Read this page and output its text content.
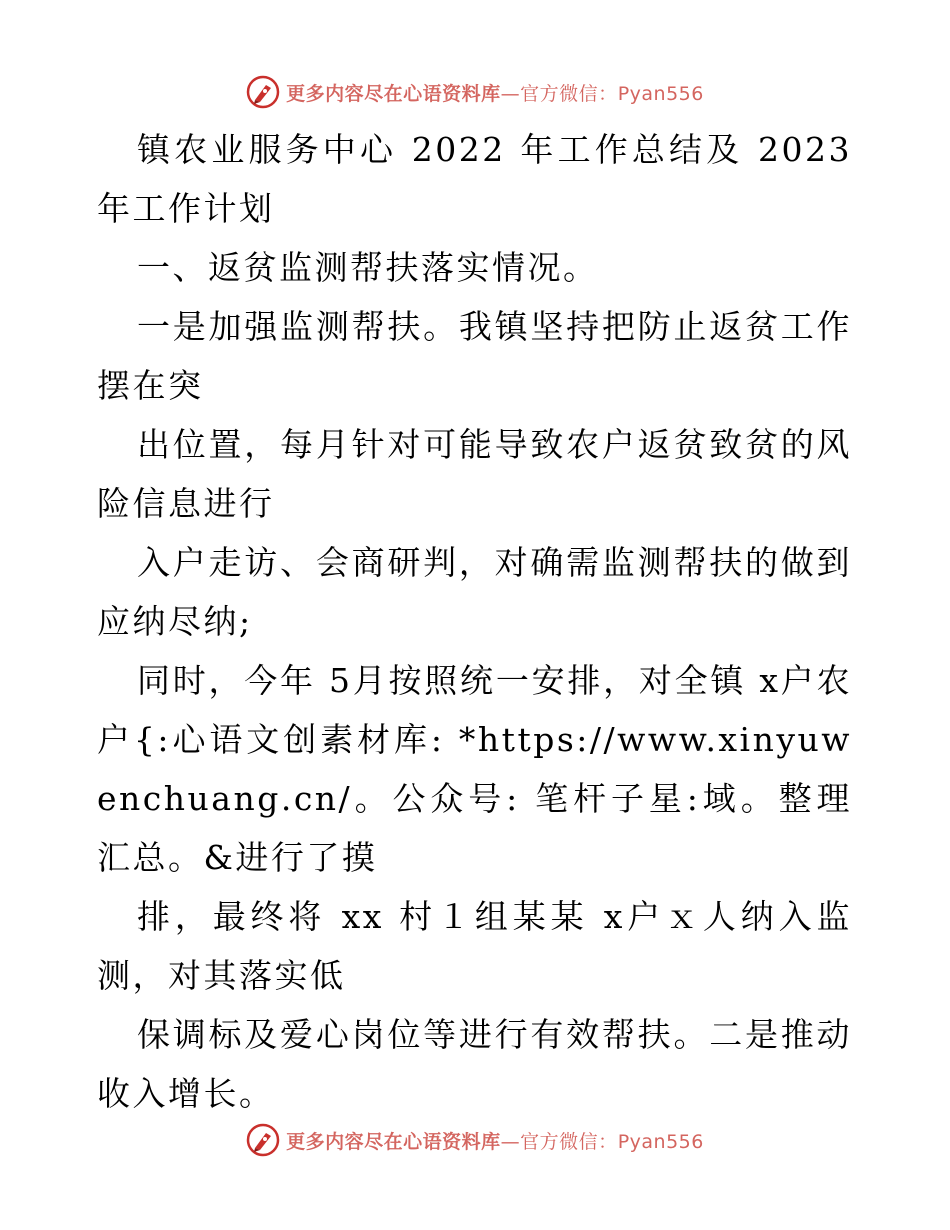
更多内容尽在心语资料库—官方微信：Pyan556

镇农业服务中心 2022 年工作总结及 2023 年工作计划

一、返贫监测帮扶落实情况。

一是加强监测帮扶。我镇坚持把防止返贫工作摆在突

出位置，每月针对可能导致农户返贫致贫的风险信息进行

入户走访、会商研判，对确需监测帮扶的做到应纳尽纳;

同时，今年 5月按照统一安排，对全镇 x户农户{:心语文创素材库: *https://www.xinyuwenchuang.cn/。公众号: 笔杆子星:域。整理汇总。&进行了摸

排，最终将 xx 村１组某某 x户ｘ人纳入监测，对其落实低

保调标及爱心岗位等进行有效帮扶。二是推动收入增长。

更多内容尽在心语资料库—官方微信：Pyan556
